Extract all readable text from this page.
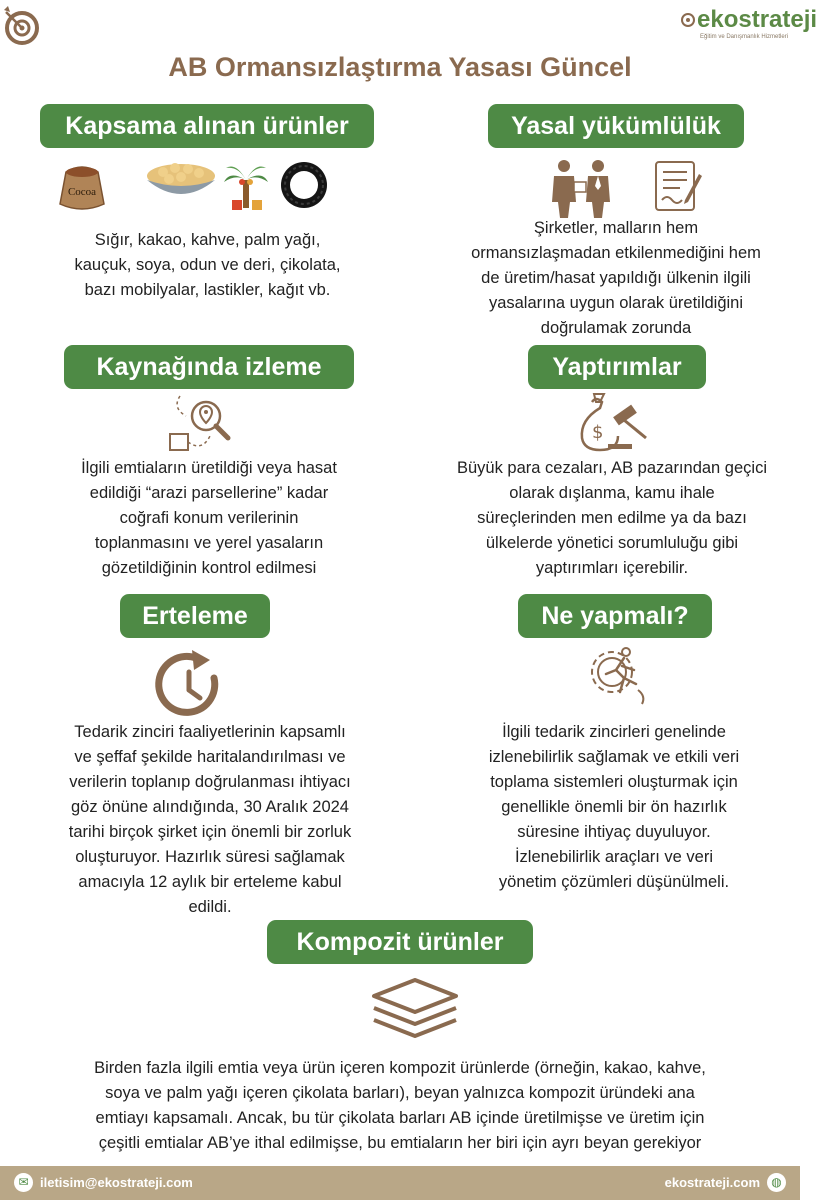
ekostrateji
Eğitim ve Danışmanlık Hizmetleri
AB Ormansızlaştırma Yasası Güncel
Kapsama alınan ürünler
Cocoa
Sığır, kakao, kahve, palm yağı,
kauçuk, soya, odun ve deri, çikolata,
bazı mobilyalar, lastikler, kağıt vb.
Yasal yükümlülük
Şirketler, malların hem
ormansızlaşmadan etkilenmediğini hem
de üretim/hasat yapıldığı ülkenin ilgili
yasalarına uygun olarak üretildiğini
doğrulamak zorunda
Kaynağında izleme
İlgili emtiaların üretildiği veya hasat
edildiği “arazi parsellerine” kadar
coğrafi konum verilerinin
toplanmasını ve yerel yasaların
gözetildiğinin kontrol edilmesi
Yaptırımlar
$
Büyük para cezaları, AB pazarından geçici
olarak dışlanma, kamu ihale
süreçlerinden men edilme ya da bazı
ülkelerde yönetici sorumluluğu gibi
yaptırımları içerebilir.
Erteleme
Tedarik zinciri faaliyetlerinin kapsamlı
ve şeffaf şekilde haritalandırılması ve
verilerin toplanıp doğrulanması ihtiyacı
göz önüne alındığında, 30 Aralık 2024
tarihi birçok şirket için önemli bir zorluk
oluşturuyor. Hazırlık süresi sağlamak
amacıyla 12 aylık bir erteleme kabul
edildi.
Ne yapmalı?
İlgili tedarik zincirleri genelinde
izlenebilirlik sağlamak ve etkili veri
toplama sistemleri oluşturmak için
genellikle önemli bir ön hazırlık
süresine ihtiyaç duyuluyor.
İzlenebilirlik araçları ve veri
yönetim çözümleri düşünülmeli.
Kompozit ürünler
Birden fazla ilgili emtia veya ürün içeren kompozit ürünlerde (örneğin, kakao, kahve,
soya ve palm yağı içeren çikolata barları), beyan yalnızca kompozit üründeki ana
emtiayı kapsamalı. Ancak, bu tür çikolata barları AB içinde üretilmişse ve üretim için
çeşitli emtialar AB’ye ithal edilmişse, bu emtiaların her biri için ayrı beyan gerekiyor
✉ iletisim@ekostrateji.com	ekostrateji.com ◍
